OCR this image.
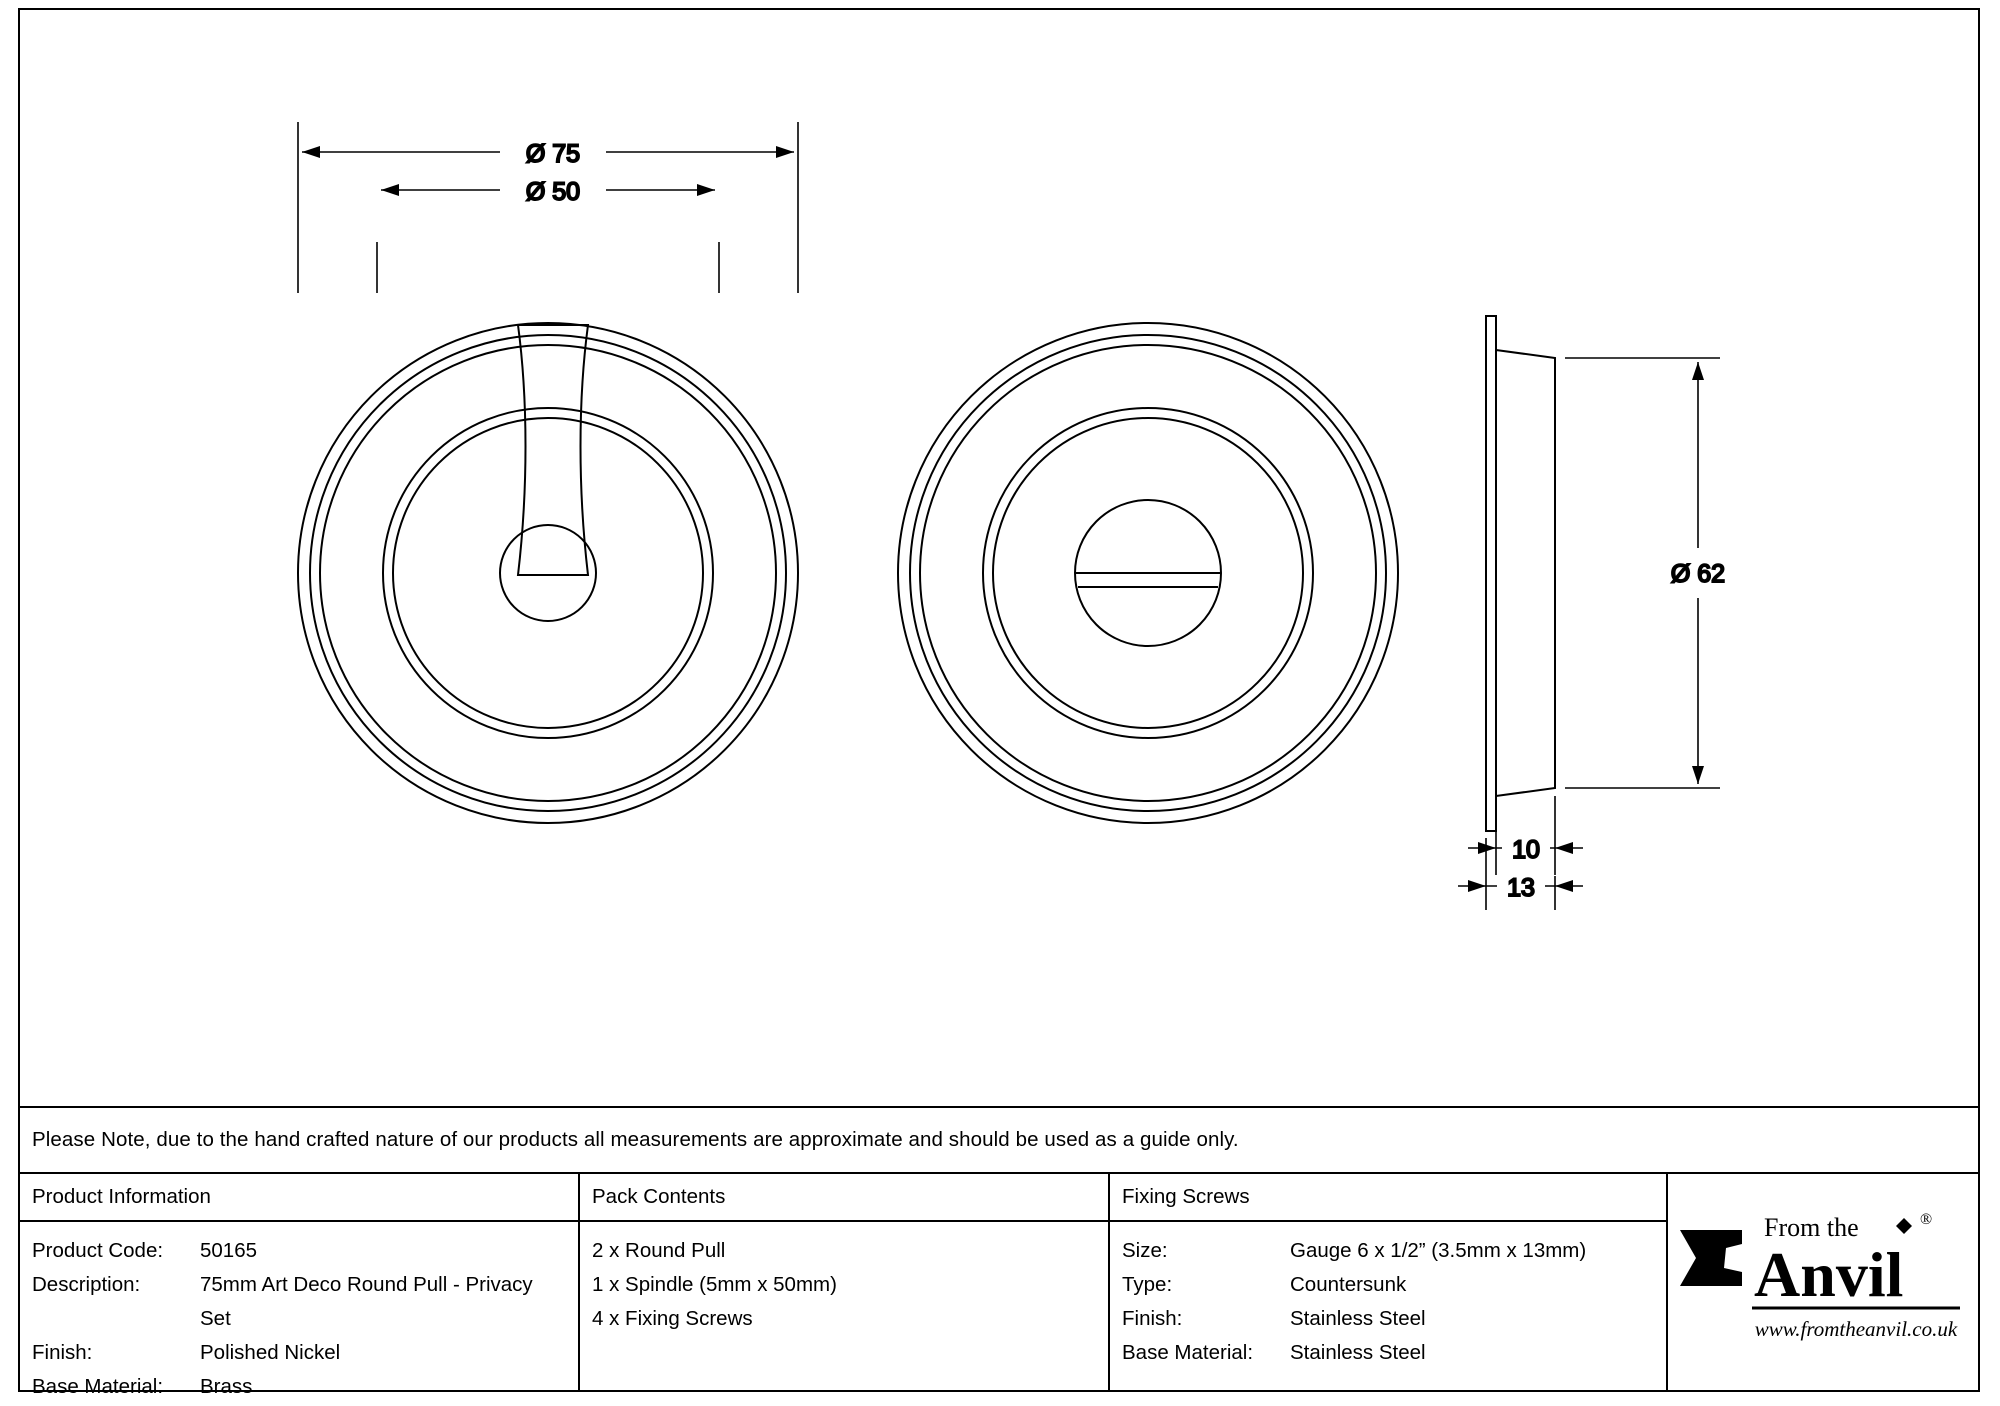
Ø 75
Ø 50
Ø 62
10
13
Please Note, due to the hand crafted nature of our products all measurements are approximate and should be used as a guide only.
Product Information
Product Code:	50165
Description:	75mm Art Deco Round Pull - Privacy Set
Finish:	Polished Nickel
Base Material:	Brass
Pack Contents
2 x Round Pull
1 x Spindle (5mm x 50mm)
4 x Fixing Screws
Fixing Screws
Size:	Gauge 6 x 1/2” (3.5mm x 13mm)
Type:	Countersunk
Finish:	Stainless Steel
Base Material:	Stainless Steel
From the	®
Anvil
www.fromtheanvil.co.uk
